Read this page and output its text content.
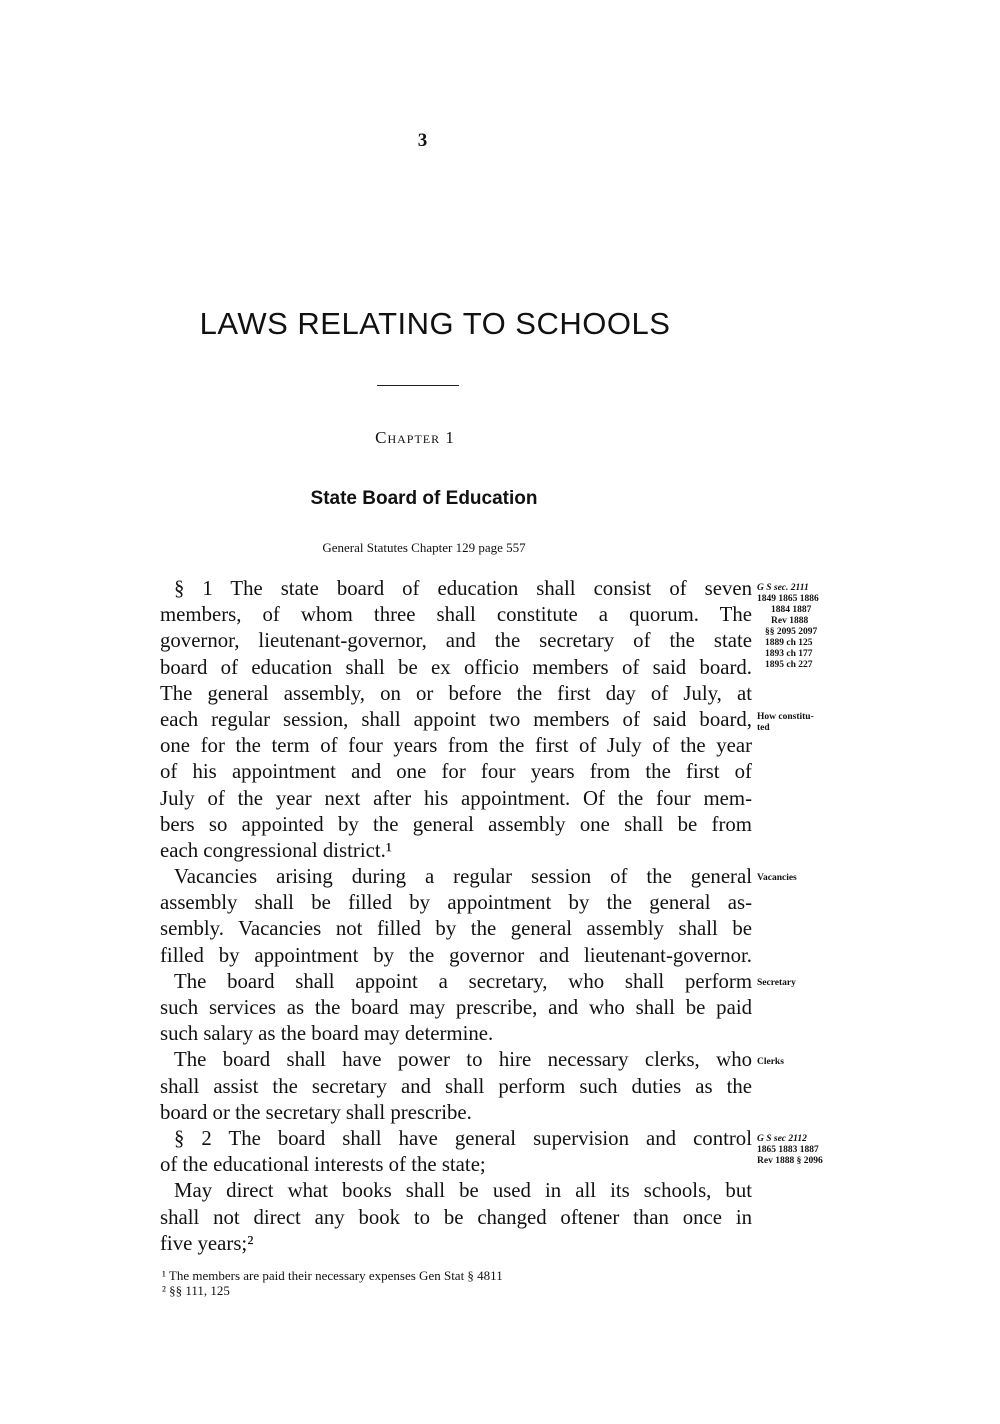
3
LAWS RELATING TO SCHOOLS
Chapter 1
State Board of Education
General Statutes Chapter 129 page 557
§ 1 The state board of education shall consist of seven
members, of whom three shall constitute a quorum. The
governor, lieutenant-governor, and the secretary of the state
board of education shall be ex officio members of said board.
The general assembly, on or before the first day of July, at
each regular session, shall appoint two members of said board,
one for the term of four years from the first of July of the year
of his appointment and one for four years from the first of
July of the year next after his appointment. Of the four mem-
bers so appointed by the general assembly one shall be from
each congressional district.¹
Vacancies arising during a regular session of the general
assembly shall be filled by appointment by the general as-
sembly. Vacancies not filled by the general assembly shall be
filled by appointment by the governor and lieutenant-governor.
The board shall appoint a secretary, who shall perform
such services as the board may prescribe, and who shall be paid
such salary as the board may determine.
The board shall have power to hire necessary clerks, who
shall assist the secretary and shall perform such duties as the
board or the secretary shall prescribe.
§ 2 The board shall have general supervision and control
of the educational interests of the state;
May direct what books shall be used in all its schools, but
shall not direct any book to be changed oftener than once in
five years;²
G S sec. 2111
1849 1865 1886
1884 1887
Rev 1888
§§ 2095 2097
1889 ch 125
1893 ch 177
1895 ch 227
How constitu-
ted
Vacancies
Secretary
Clerks
G S sec 2112
1865 1883 1887
Rev 1888 § 2096
¹ The members are paid their necessary expenses Gen Stat § 4811
² §§ 111, 125
